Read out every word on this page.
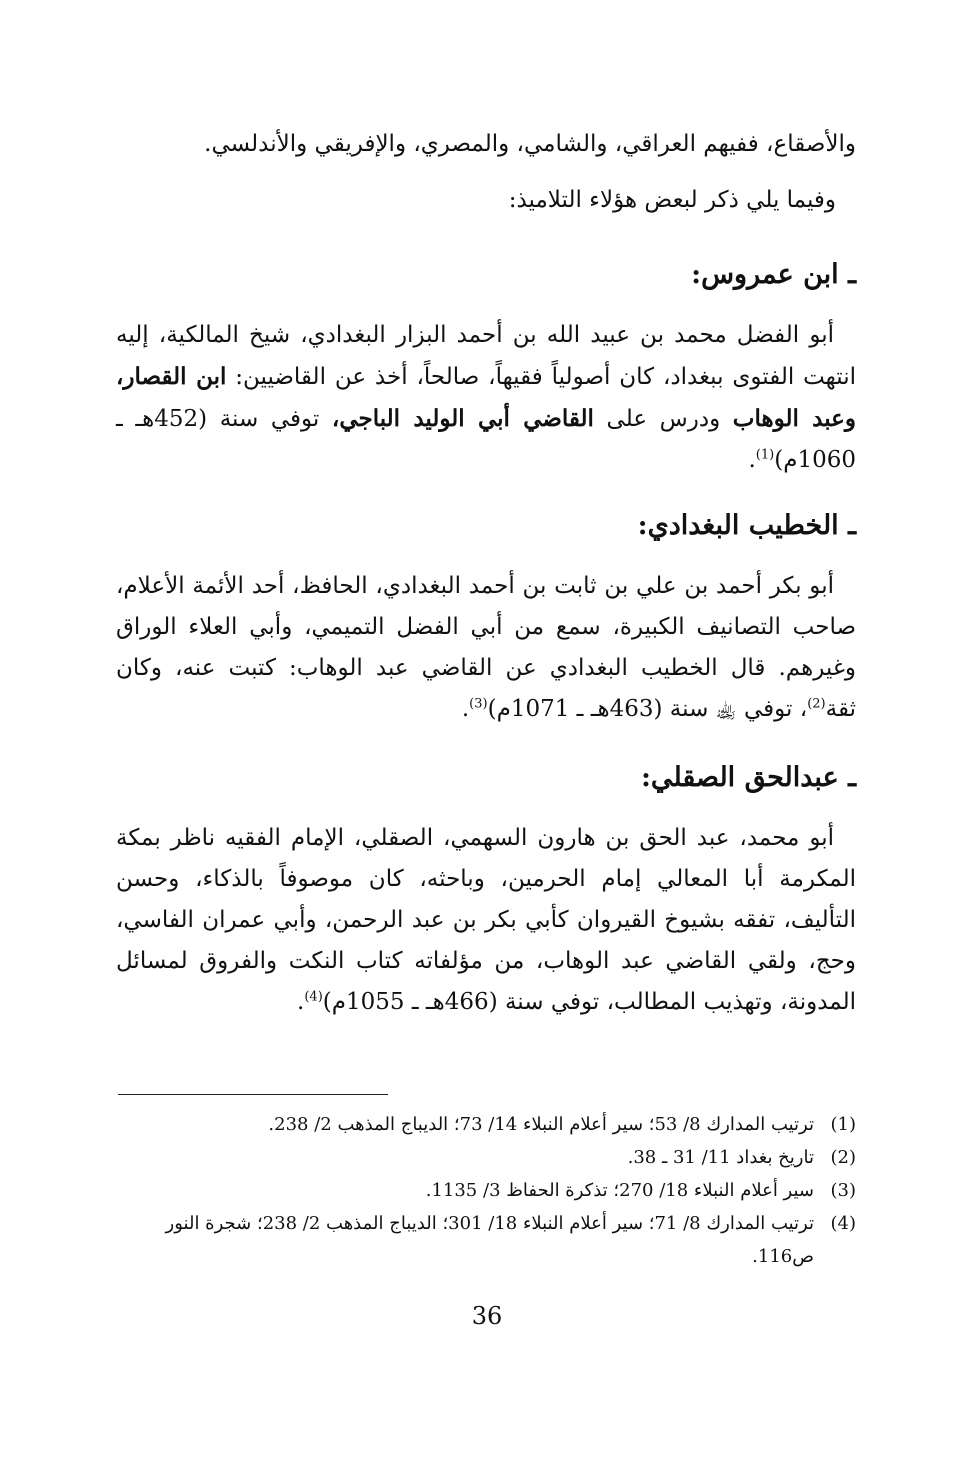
والأصقاع، ففيهم العراقي، والشامي، والمصري، والإفريقي والأندلسي.

وفيما يلي ذكر لبعض هؤلاء التلاميذ:

ـ ابن عمروس:

أبو الفضل محمد بن عبيد الله بن أحمد البزار البغدادي، شيخ المالكية، إليه انتهت الفتوى ببغداد، كان أصولياً فقيهاً، صالحاً، أخذ عن القاضيين: ابن القصار، وعبد الوهاب ودرس على القاضي أبي الوليد الباجي، توفي سنة (452هـ ـ 1060م)$^{(1)}$.

ـ الخطيب البغدادي:

أبو بكر أحمد بن علي بن ثابت بن أحمد البغدادي، الحافظ، أحد الأئمة الأعلام، صاحب التصانيف الكبيرة، سمع من أبي الفضل التميمي، وأبي العلاء الوراق وغيرهم. قال الخطيب البغدادي عن القاضي عبد الوهاب: كتبت عنه، وكان ثقة$^{(2)}$، توفي ﵀ سنة (463هـ ـ 1071م)$^{(3)}$.

ـ عبدالحق الصقلي:

أبو محمد، عبد الحق بن هارون السهمي، الصقلي، الإمام الفقيه ناظر بمكة المكرمة أبا المعالي إمام الحرمين، وباحثه، كان موصوفاً بالذكاء، وحسن التأليف، تفقه بشيوخ القيروان كأبي بكر بن عبد الرحمن، وأبي عمران الفاسي، وحج، ولقي القاضي عبد الوهاب، من مؤلفاته كتاب النكت والفروق لمسائل المدونة، وتهذيب المطالب، توفي سنة (466هـ ـ 1055م)$^{(4)}$.

(1)
ترتيب المدارك 8/ 53؛ سير أعلام النبلاء 14/ 73؛ الديباج المذهب 2/ 238.
(2)
تاريخ بغداد 11/ 31 ـ 38.
(3)
سير أعلام النبلاء 18/ 270؛ تذكرة الحفاظ 3/ 1135.
(4)
ترتيب المدارك 8/ 71؛ سير أعلام النبلاء 18/ 301؛ الديباج المذهب 2/ 238؛ شجرة النور ص116.
36
